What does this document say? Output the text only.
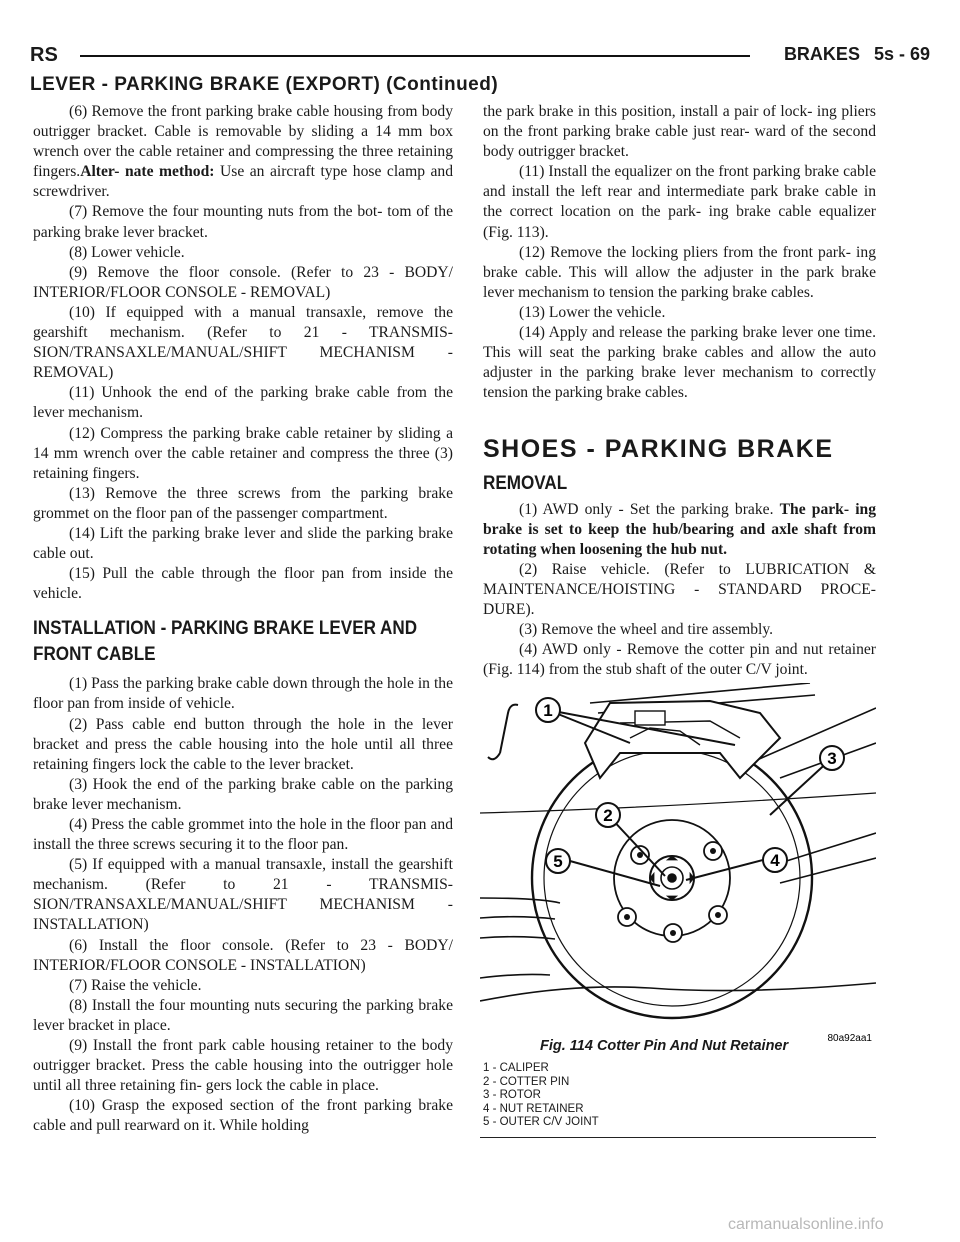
RS	BRAKES 5s - 69
LEVER - PARKING BRAKE (EXPORT) (Continued)

(6) Remove the front parking brake cable housing from body outrigger bracket. Cable is removable by sliding a 14 mm box wrench over the cable retainer and compressing the three retaining fingers.Alter- nate method: Use an aircraft type hose clamp and screwdriver.

(7) Remove the four mounting nuts from the bot- tom of the parking brake lever bracket.

(8) Lower vehicle.

(9) Remove the floor console. (Refer to 23 - BODY/ INTERIOR/FLOOR CONSOLE - REMOVAL)

(10) If equipped with a manual transaxle, remove the gearshift mechanism. (Refer to 21 - TRANSMIS- SION/TRANSAXLE/MANUAL/SHIFT MECHANISM - REMOVAL)

(11) Unhook the end of the parking brake cable from the lever mechanism.

(12) Compress the parking brake cable retainer by sliding a 14 mm wrench over the cable retainer and compress the three (3) retaining fingers.

(13) Remove the three screws from the parking brake grommet on the floor pan of the passenger compartment.

(14) Lift the parking brake lever and slide the parking brake cable out.

(15) Pull the cable through the floor pan from inside the vehicle.

INSTALLATION - PARKING BRAKE LEVER AND
FRONT CABLE

(1) Pass the parking brake cable down through the hole in the floor pan from inside of vehicle.

(2) Pass cable end button through the hole in the lever bracket and press the cable housing into the hole until all three retaining fingers lock the cable to the lever bracket.

(3) Hook the end of the parking brake cable on the parking brake lever mechanism.

(4) Press the cable grommet into the hole in the floor pan and install the three screws securing it to the floor pan.

(5) If equipped with a manual transaxle, install the gearshift mechanism. (Refer to 21 - TRANSMIS- SION/TRANSAXLE/MANUAL/SHIFT MECHANISM - INSTALLATION)

(6) Install the floor console. (Refer to 23 - BODY/ INTERIOR/FLOOR CONSOLE - INSTALLATION)

(7) Raise the vehicle.

(8) Install the four mounting nuts securing the parking brake lever bracket in place.

(9) Install the front park cable housing retainer to the body outrigger bracket. Press the cable housing into the outrigger hole until all three retaining fin- gers lock the cable in place.

(10) Grasp the exposed section of the front parking brake cable and pull rearward on it. While holding

the park brake in this position, install a pair of lock- ing pliers on the front parking brake cable just rear- ward of the second body outrigger bracket.

(11) Install the equalizer on the front parking brake cable and install the left rear and intermediate park brake cable in the correct location on the park- ing brake cable equalizer (Fig. 113).

(12) Remove the locking pliers from the front park- ing brake cable. This will allow the adjuster in the park brake lever mechanism to tension the parking brake cables.

(13) Lower the vehicle.

(14) Apply and release the parking brake lever one time. This will seat the parking brake cables and allow the auto adjuster in the parking brake lever mechanism to correctly tension the parking brake cables.

SHOES - PARKING BRAKE
REMOVAL

(1) AWD only - Set the parking brake. The park- ing brake is set to keep the hub/bearing and axle shaft from rotating when loosening the hub nut.

(2) Raise vehicle. (Refer to LUBRICATION & MAINTENANCE/HOISTING - STANDARD PROCE- DURE).

(3) Remove the wheel and tire assembly.

(4) AWD only - Remove the cotter pin and nut retainer (Fig. 114) from the stub shaft of the outer C/V joint.

1
2
3
4
5
80a92aa1
Fig. 114 Cotter Pin And Nut Retainer
1 - CALIPER
2 - COTTER PIN
3 - ROTOR
4 - NUT RETAINER
5 - OUTER C/V JOINT
carmanualsonline.info
